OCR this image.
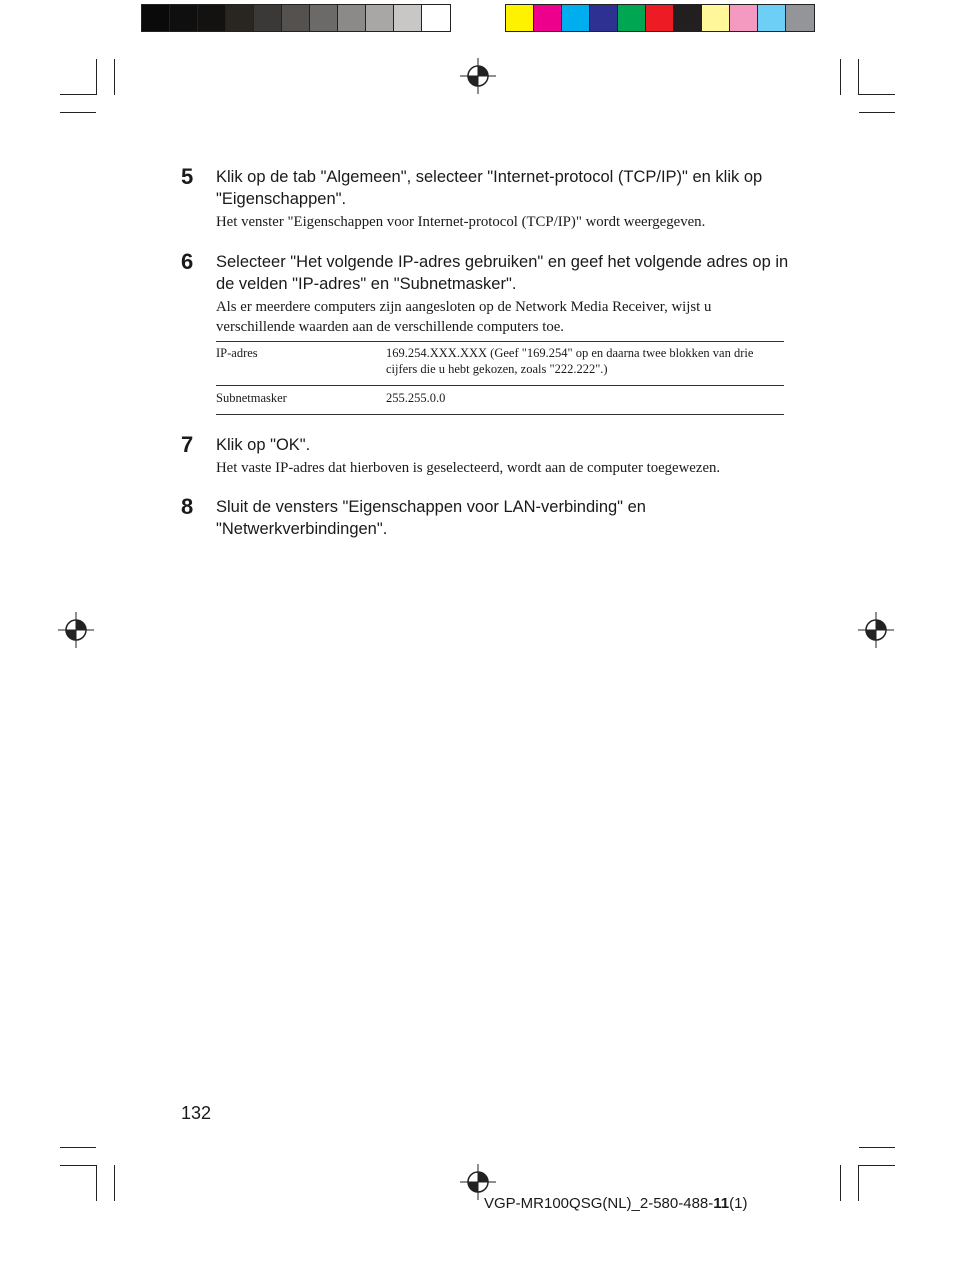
5 Klik op de tab "Algemeen", selecteer "Internet-protocol (TCP/IP)" en klik op "Eigenschappen".
Het venster "Eigenschappen voor Internet-protocol (TCP/IP)" wordt weergegeven.
6 Selecteer "Het volgende IP-adres gebruiken" en geef het volgende adres op in de velden "IP-adres" en "Subnetmasker".
Als er meerdere computers zijn aangesloten op de Network Media Receiver, wijst u verschillende waarden aan de verschillende computers toe.
IP-adres	169.254.XXX.XXX (Geef "169.254" op en daarna twee blokken van drie cijfers die u hebt gekozen, zoals "222.222".)
Subnetmasker	255.255.0.0
7 Klik op "OK".
Het vaste IP-adres dat hierboven is geselecteerd, wordt aan de computer toegewezen.
8 Sluit de vensters "Eigenschappen voor LAN-verbinding" en "Netwerkverbindingen".
132
VGP-MR100QSG(NL)_2-580-488-11(1)
